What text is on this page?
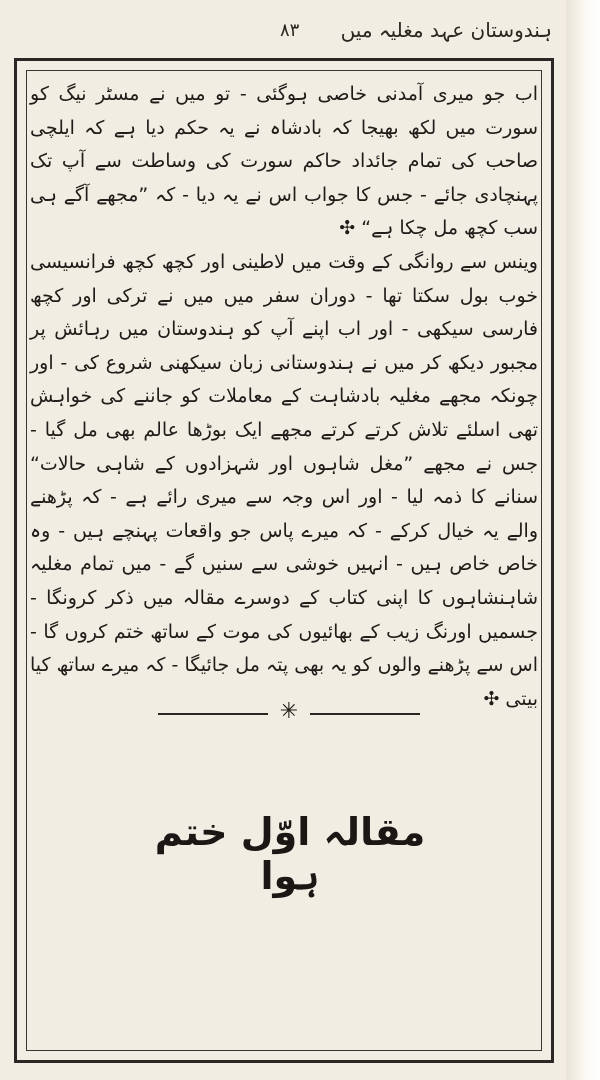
۸۳ ہندوستان عہد مغلیہ میں

اب جو میری آمدنی خاصی ہوگئی - تو میں نے مسٹر نیگ کو سورت میں لکھ بھیجا کہ بادشاہ نے یہ حکم دیا ہے کہ ایلچی صاحب کی تمام جائداد حاکم سورت کی وساطت سے آپ تک پہنچادی جائے - جس کا جواب اس نے یہ دیا - کہ ”مجھے آگے ہی سب کچھ مل چکا ہے“ ✣

وینس سے روانگی کے وقت میں لاطینی اور کچھ کچھ فرانسیسی خوب بول سکتا تھا - دوران سفر میں میں نے ترکی اور کچھ فارسی سیکھی - اور اب اپنے آپ کو ہندوستان میں رہائش پر مجبور دیکھ کر میں نے ہندوستانی زبان سیکھنی شروع کی - اور چونکہ مجھے مغلیہ بادشاہت کے معاملات کو جاننے کی خواہش تھی اسلئے تلاش کرتے کرتے مجھے ایک بوڑھا عالم بھی مل گیا - جس نے مجھے ”مغل شاہوں اور شہزادوں کے شاہی حالات“ سنانے کا ذمہ لیا - اور اس وجہ سے میری رائے ہے - کہ پڑھنے والے یہ خیال کرکے - کہ میرے پاس جو واقعات پہنچے ہیں - وہ خاص خاص ہیں - انہیں خوشی سے سنیں گے - میں تمام مغلیہ شاہنشاہوں کا اپنی کتاب کے دوسرے مقالہ میں ذکر کرونگا - جسمیں اورنگ زیب کے بھائیوں کی موت کے ساتھ ختم کروں گا - اس سے پڑھنے والوں کو یہ بھی پتہ مل جائیگا - کہ میرے ساتھ کیا بیتی ✣

✳
مقالہ اوّل ختم ہوا
